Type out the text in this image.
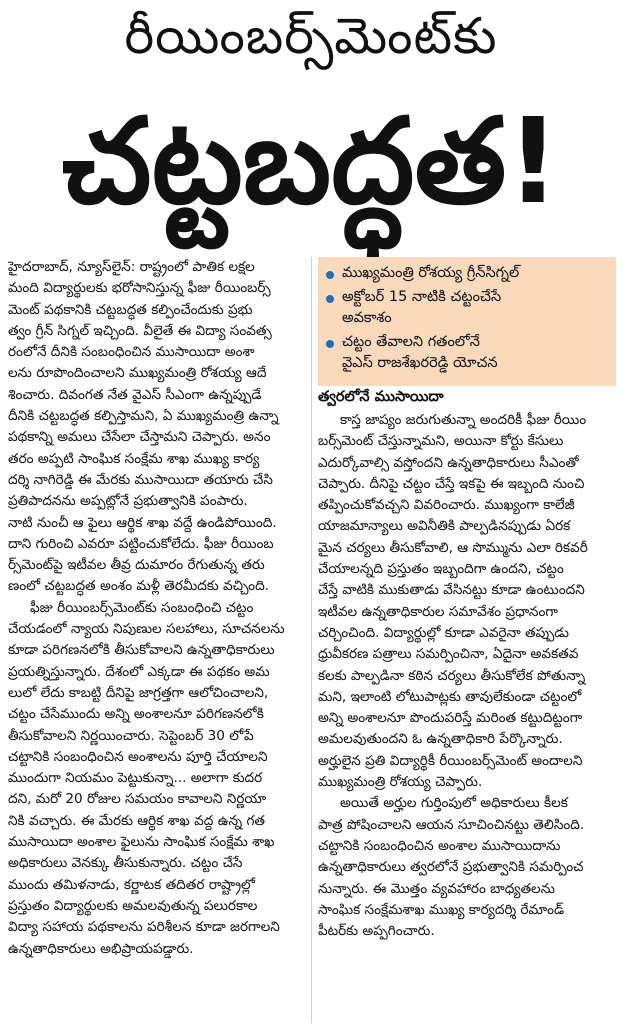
రీయింబర్స్‌మెంట్‌కు
చట్టబద్ధత!

హైదరాబాద్, న్యూస్‌లైన్: రాష్ట్రంలో పాతిక లక్షల

మంది విద్యార్థులకు భరోసానిస్తున్న ఫీజు రీయింబర్స్

మెంట్ పథకానికి చట్టబద్ధత కల్పించేందుకు ప్రభు

త్వం గ్రీన్ సిగ్నల్ ఇచ్చింది. వీలైతే ఈ విద్యా సంవత్స

రంలోనే దీనికి సంబంధించిన ముసాయిదా అంశా

లను రూపొందించాలని ముఖ్యమంత్రి రోశయ్య ఆదే

శించారు. దివంగత నేత వైఎస్ సీఎంగా ఉన్నప్పుడే

దీనికి చట్టబద్ధత కల్పిస్తామని, ఏ ముఖ్యమంత్రి ఉన్నా

పథకాన్ని అమలు చేసేలా చేస్తామని చెప్పారు. అనం

తరం అప్పటి సాంఘిక సంక్షేమ శాఖ ముఖ్య కార్య

దర్శి నాగిరెడ్డి ఈ మేరకు ముసాయిదా తయారు చేసి

ప్రతిపాదనను అప్పట్లోనే ప్రభుత్వానికి పంపారు.

నాటి నుంచీ ఆ ఫైలు ఆర్థిక శాఖ వద్దే ఉండిపోయింది.

దాని గురించి ఎవరూ పట్టించుకోలేదు. ఫీజు రీయింబ

ర్స్‌మెంట్‌పై ఇటీవల తీవ్ర దుమారం రేగుతున్న తరు

ణంలో చట్టబద్ధత అంశం మళ్లీ తెరమీదకు వచ్చింది.

ఫీజు రీయింబర్స్‌మెంట్‌కు సంబంధించి చట్టం

చేయడంలో న్యాయ నిపుణుల సలహాలు, సూచనలను

కూడా పరిగణనలోకి తీసుకోవాలని ఉన్నతాధికారులు

ప్రయత్నిస్తున్నారు. దేశంలో ఎక్కడా ఈ పథకం అమ

లులో లేదు కాబట్టి దీనిపై జాగ్రత్తగా ఆలోచించాలని,

చట్టం చేసేముందు అన్ని అంశాలనూ పరిగణనలోకి

తీసుకోవాలని నిర్ణయించారు. సెప్టెంబర్ 30 లోపే

చట్టానికి సంబంధించిన అంశాలను పూర్తి చేయాలని

ముందుగా నియమం పెట్టుకున్నా... అలాగా కుదర

దని, మరో 20 రోజుల సమయం కావాలని నిర్ణయా

నికి వచ్చారు. ఈ మేరకు ఆర్థిక శాఖ వద్ద ఉన్న గత

ముసాయిదా అంశాల ఫైలును సాంఘిక సంక్షేమ శాఖ

అధికారులు వెనక్కు తీసుకున్నారు. చట్టం చేసే

ముందు తమిళనాడు, కర్ణాటక తదితర రాష్ట్రాల్లో

ప్రస్తుతం విద్యార్థులకు అమలవుతున్న పలురకాల

విద్యా సహాయ పథకాలను పరిశీలన కూడా జరగాలని

ఉన్నతాధికారులు అభిప్రాయపడ్డారు.

ముఖ్యమంత్రి రోశయ్య గ్రీన్‌సిగ్నల్
అక్టోబర్ 15 నాటికి చట్టంచేసే
అవకాశం
చట్టం తేవాలని గతంలోనే
వైఎస్ రాజశేఖరరెడ్డి యోచన
త్వరలోనే ముసాయిదా

కాస్త జాప్యం జరుగుతున్నా అందరికీ ఫీజు రీయిం

బర్స్‌మెంట్ చేస్తున్నామని, అయినా కోర్టు కేసులు

ఎదుర్కోవాల్సి వస్తోందని ఉన్నతాధికారులు సీఎంతో

చెప్పారు. దీనిపై చట్టం చేస్తే ఇకపై ఈ ఇబ్బంది నుంచి

తప్పించుకోవచ్చని వివరించారు. ముఖ్యంగా కాలేజీ

యాజమాన్యాలు అవినీతికి పాల్పడినప్పుడు ఏరక

మైన చర్యలు తీసుకోవాలి, ఆ సొమ్మును ఎలా రికవరీ

చేయాలన్నది ప్రస్తుతం ఇబ్బందిగా ఉందని, చట్టం

చేస్తే వాటికి ముకుతాడు వేసినట్టు కూడా ఉంటుందని

ఇటీవల ఉన్నతాధికారుల సమావేశం ప్రధానంగా

చర్చించింది. విద్యార్థుల్లో కూడా ఎవరైనా తప్పుడు

ధ్రువీకరణ పత్రాలు సమర్పించినా, ఏదైనా అవకతవ

కలకు పాల్పడినా కఠిన చర్యలు తీసుకోలేక పోతున్నా

మని, ఇలాంటి లోటుపాట్లకు తావులేకుండా చట్టంలో

అన్ని అంశాలనూ పొందుపరిస్తే మరింత కట్టుదిట్టంగా

అమలవుతుందని ఓ ఉన్నతాధికారి పేర్కొన్నారు.

అర్హులైన ప్రతి విద్యార్థికీ రీయింబర్స్‌మెంట్ అందాలని

ముఖ్యమంత్రి రోశయ్య చెప్పారు.

అయితే అర్హుల గుర్తింపులో అధికారులు కీలక

పాత్ర పోషించాలని ఆయన సూచించినట్టు తెలిసింది.

చట్టానికి సంబంధించిన అంశాల ముసాయిదాను

ఉన్నతాధికారులు త్వరలోనే ప్రభుత్వానికి సమర్పించ

నున్నారు. ఈ మొత్తం వ్యవహారం బాధ్యతలను

సాంఘిక సంక్షేమశాఖ ముఖ్య కార్యదర్శి రేమాండ్

పీటర్‌కు అప్పగించారు.
